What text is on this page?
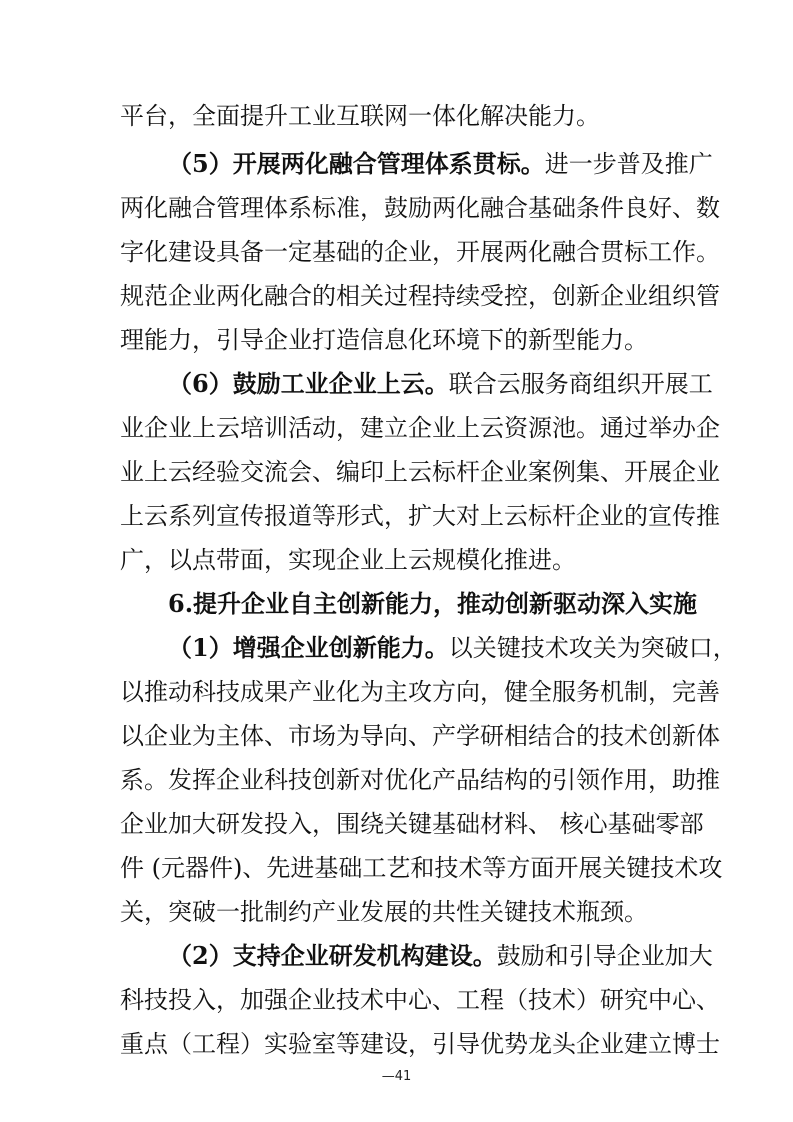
平台，全面提升工业互联网一体化解决能力。
（5）开展两化融合管理体系贯标。进一步普及推广
两化融合管理体系标准，鼓励两化融合基础条件良好、数
字化建设具备一定基础的企业，开展两化融合贯标工作。
规范企业两化融合的相关过程持续受控，创新企业组织管
理能力，引导企业打造信息化环境下的新型能力。
（6）鼓励工业企业上云。联合云服务商组织开展工
业企业上云培训活动，建立企业上云资源池。通过举办企
业上云经验交流会、编印上云标杆企业案例集、开展企业
上云系列宣传报道等形式，扩大对上云标杆企业的宣传推
广，以点带面，实现企业上云规模化推进。
6.提升企业自主创新能力，推动创新驱动深入实施
（1）增强企业创新能力。以关键技术攻关为突破口，
以推动科技成果产业化为主攻方向，健全服务机制，完善
以企业为主体、市场为导向、产学研相结合的技术创新体
系。发挥企业科技创新对优化产品结构的引领作用，助推
企业加大研发投入，围绕关键基础材料、 核心基础零部
件 (元器件)、先进基础工艺和技术等方面开展关键技术攻
关，突破一批制约产业发展的共性关键技术瓶颈。
（2）支持企业研发机构建设。鼓励和引导企业加大
科技投入，加强企业技术中心、工程（技术）研究中心、
重点（工程）实验室等建设，引导优势龙头企业建立博士
—41
